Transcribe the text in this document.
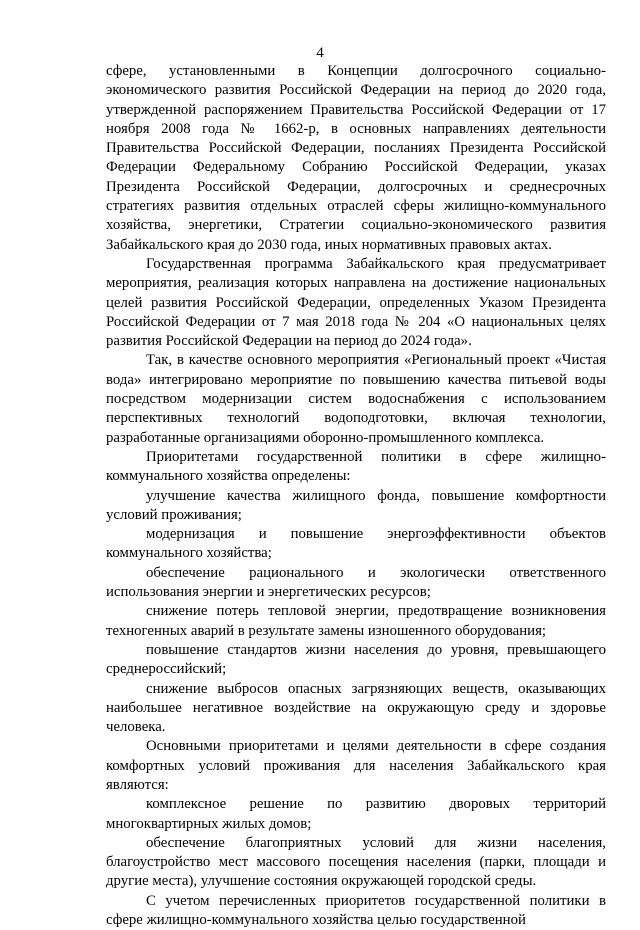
4

сфере, установленными в Концепции долгосрочного социально-экономического развития Российской Федерации на период до 2020 года, утвержденной распоряжением Правительства Российской Федерации от 17 ноября 2008 года № 1662-р, в основных направлениях деятельности Правительства Российской Федерации, посланиях Президента Российской Федерации Федеральному Собранию Российской Федерации, указах Президента Российской Федерации, долгосрочных и среднесрочных стратегиях развития отдельных отраслей сферы жилищно-коммунального хозяйства, энергетики, Стратегии социально-экономического развития Забайкальского края до 2030 года, иных нормативных правовых актах.

Государственная программа Забайкальского края предусматривает мероприятия, реализация которых направлена на достижение национальных целей развития Российской Федерации, определенных Указом Президента Российской Федерации от 7 мая 2018 года № 204 «О национальных целях развития Российской Федерации на период до 2024 года».

Так, в качестве основного мероприятия «Региональный проект «Чистая вода» интегрировано мероприятие по повышению качества питьевой воды посредством модернизации систем водоснабжения с использованием перспективных технологий водоподготовки, включая технологии, разработанные организациями оборонно-промышленного комплекса.

Приоритетами государственной политики в сфере жилищно-коммунального хозяйства определены:

улучшение качества жилищного фонда, повышение комфортности условий проживания;

модернизация и повышение энергоэффективности объектов коммунального хозяйства;

обеспечение рационального и экологически ответственного использования энергии и энергетических ресурсов;

снижение потерь тепловой энергии, предотвращение возникновения техногенных аварий в результате замены изношенного оборудования;

повышение стандартов жизни населения до уровня, превышающего среднероссийский;

снижение выбросов опасных загрязняющих веществ, оказывающих наибольшее негативное воздействие на окружающую среду и здоровье человека.

Основными приоритетами и целями деятельности в сфере создания комфортных условий проживания для населения Забайкальского края являются:

комплексное решение по развитию дворовых территорий многоквартирных жилых домов;

обеспечение благоприятных условий для жизни населения, благоустройство мест массового посещения населения (парки, площади и другие места), улучшение состояния окружающей городской среды.

С учетом перечисленных приоритетов государственной политики в сфере жилищно-коммунального хозяйства целью государственной
